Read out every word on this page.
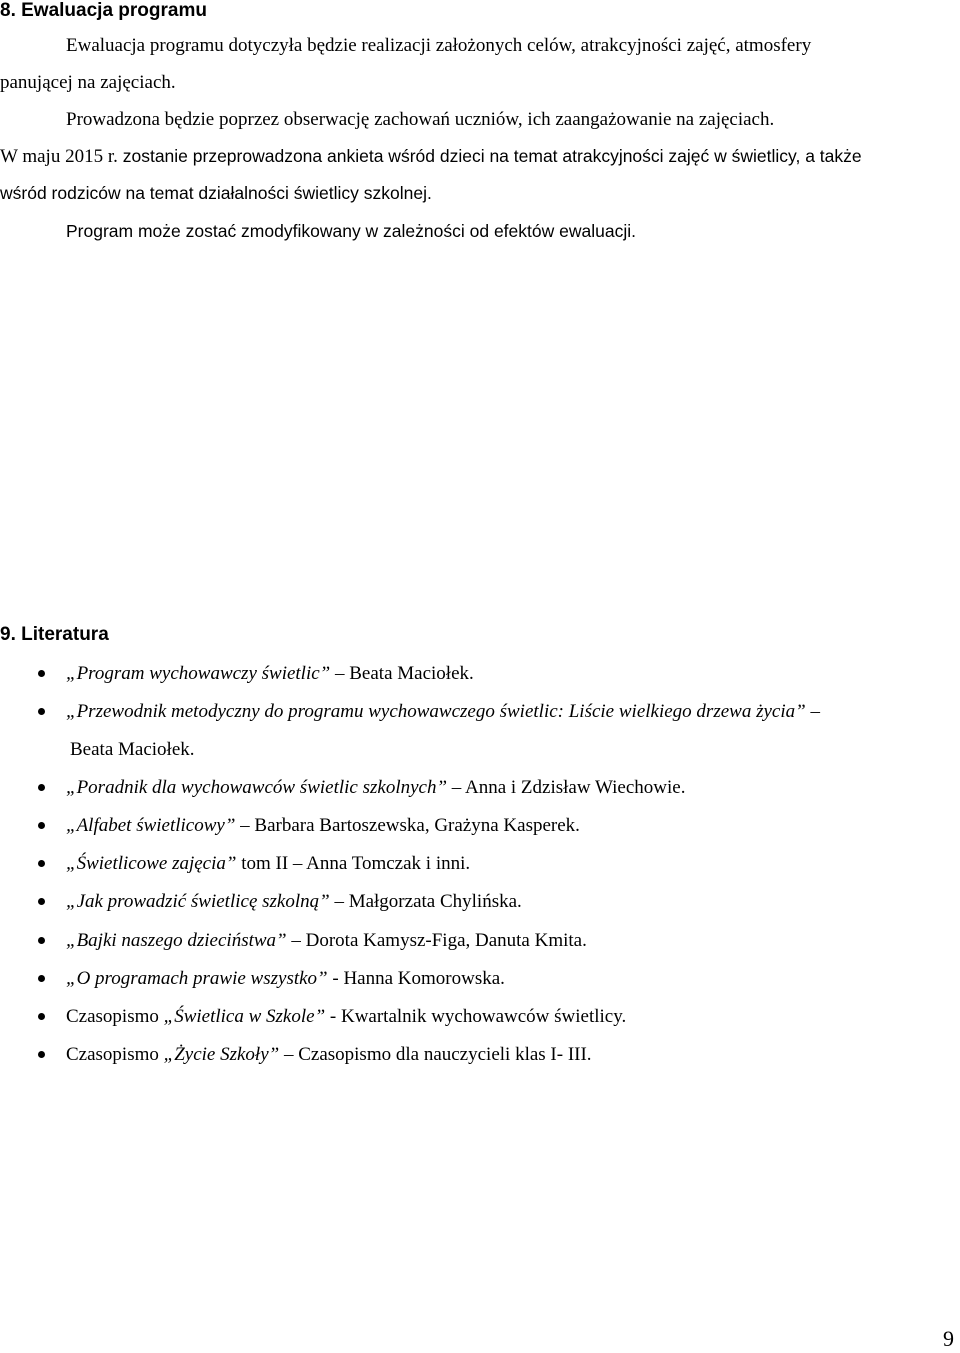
8. Ewaluacja programu

Ewaluacja programu dotyczyła będzie realizacji założonych celów, atrakcyjności zajęć, atmosfery

panującej na zajęciach.

Prowadzona będzie poprzez obserwację zachowań uczniów, ich zaangażowanie na zajęciach.

W maju 2015 r. zostanie przeprowadzona ankieta wśród dzieci na temat atrakcyjności zajęć w świetlicy, a także

wśród rodziców na temat działalności świetlicy szkolnej.

Program może zostać zmodyfikowany w zależności od efektów ewaluacji.

9. Literatura
„Program wychowawczy świetlic” – Beata Maciołek.
„Przewodnik metodyczny do programu wychowawczego świetlic: Liście wielkiego drzewa życia” –
Beata Maciołek.
„Poradnik dla wychowawców świetlic szkolnych” – Anna i Zdzisław Wiechowie.
„Alfabet świetlicowy” – Barbara Bartoszewska, Grażyna Kasperek.
„Świetlicowe zajęcia” tom II – Anna Tomczak i inni.
„Jak prowadzić świetlicę szkolną” – Małgorzata Chylińska.
„Bajki naszego dzieciństwa” – Dorota Kamysz-Figa, Danuta Kmita.
„O programach prawie wszystko” - Hanna Komorowska.
Czasopismo „Świetlica w Szkole” - Kwartalnik wychowawców świetlicy.
Czasopismo „Życie Szkoły” – Czasopismo dla nauczycieli klas I- III.
9
